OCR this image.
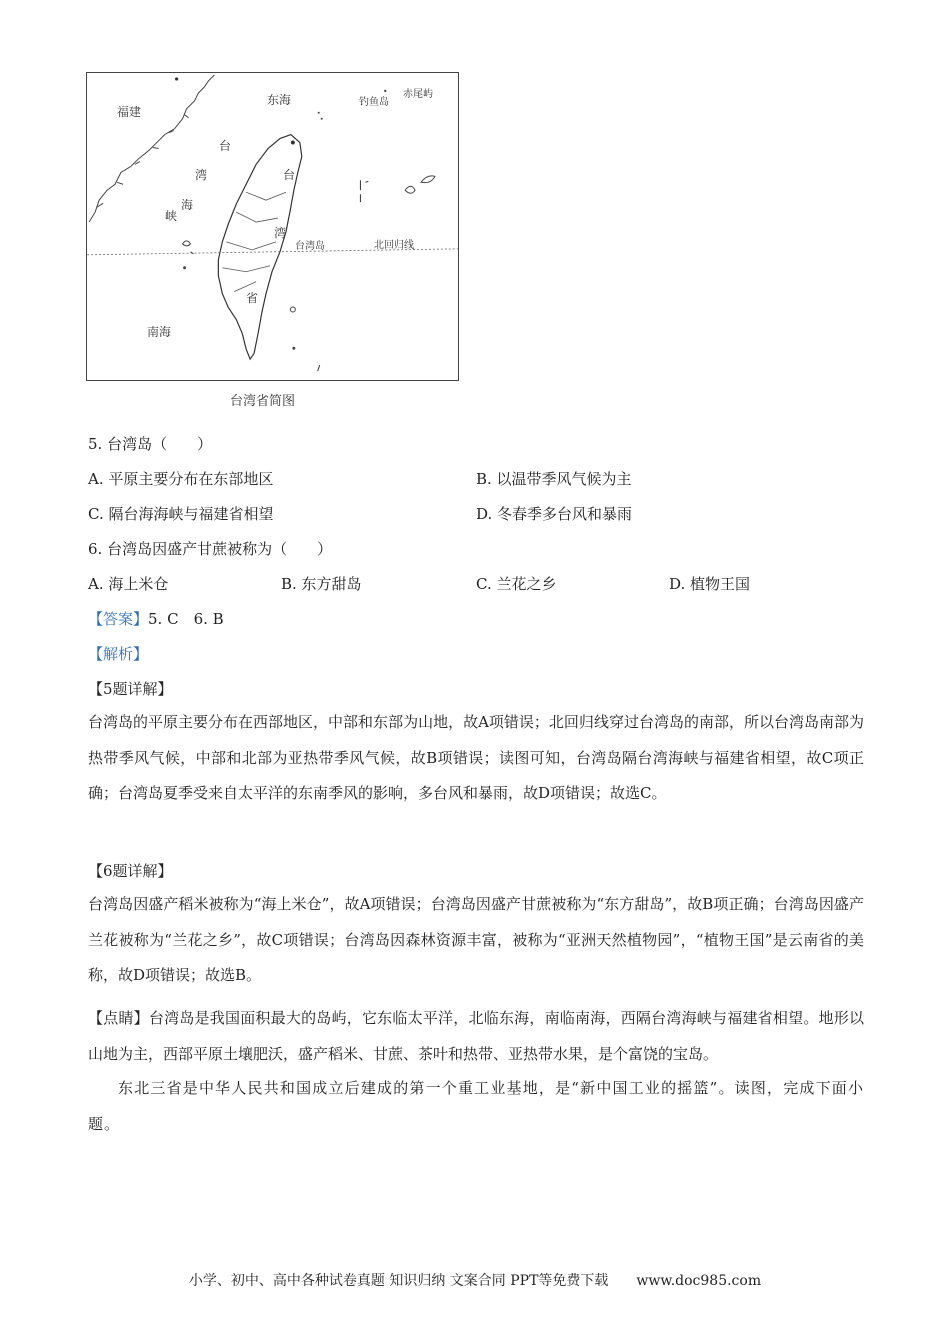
福建
东海	钓鱼岛
赤尾屿
台
湾
海
峡
台
湾
省
台湾岛	北回归线
南海
台湾省简图
5. 台湾岛（　　）
A. 平原主要分布在东部地区	B. 以温带季风气候为主
C. 隔台海海峡与福建省相望	D. 冬春季多台风和暴雨
6. 台湾岛因盛产甘蔗被称为（　　）
A. 海上米仓	B. 东方甜岛	C. 兰花之乡	D. 植物王国
【答案】5. C　6. B
【解析】
【5题详解】
台湾岛的平原主要分布在西部地区，中部和东部为山地，故A项错误；北回归线穿过台湾岛的南部，所以台湾岛南部为热带季风气候，中部和北部为亚热带季风气候，故B项错误；读图可知，台湾岛隔台湾海峡与福建省相望，故C项正确；台湾岛夏季受来自太平洋的东南季风的影响，多台风和暴雨，故D项错误；故选C。
【6题详解】
台湾岛因盛产稻米被称为“海上米仓”，故A项错误；台湾岛因盛产甘蔗被称为“东方甜岛”，故B项正确；台湾岛因盛产兰花被称为“兰花之乡”，故C项错误；台湾岛因森林资源丰富，被称为“亚洲天然植物园”，“植物王国”是云南省的美称，故D项错误；故选B。
【点睛】台湾岛是我国面积最大的岛屿，它东临太平洋，北临东海，南临南海，西隔台湾海峡与福建省相望。地形以山地为主，西部平原土壤肥沃，盛产稻米、甘蔗、茶叶和热带、亚热带水果，是个富饶的宝岛。
东北三省是中华人民共和国成立后建成的第一个重工业基地，是“新中国工业的摇篮”。读图，完成下面小题。
小学、初中、高中各种试卷真题 知识归纳 文案合同 PPT等免费下载　　www.doc985.com
